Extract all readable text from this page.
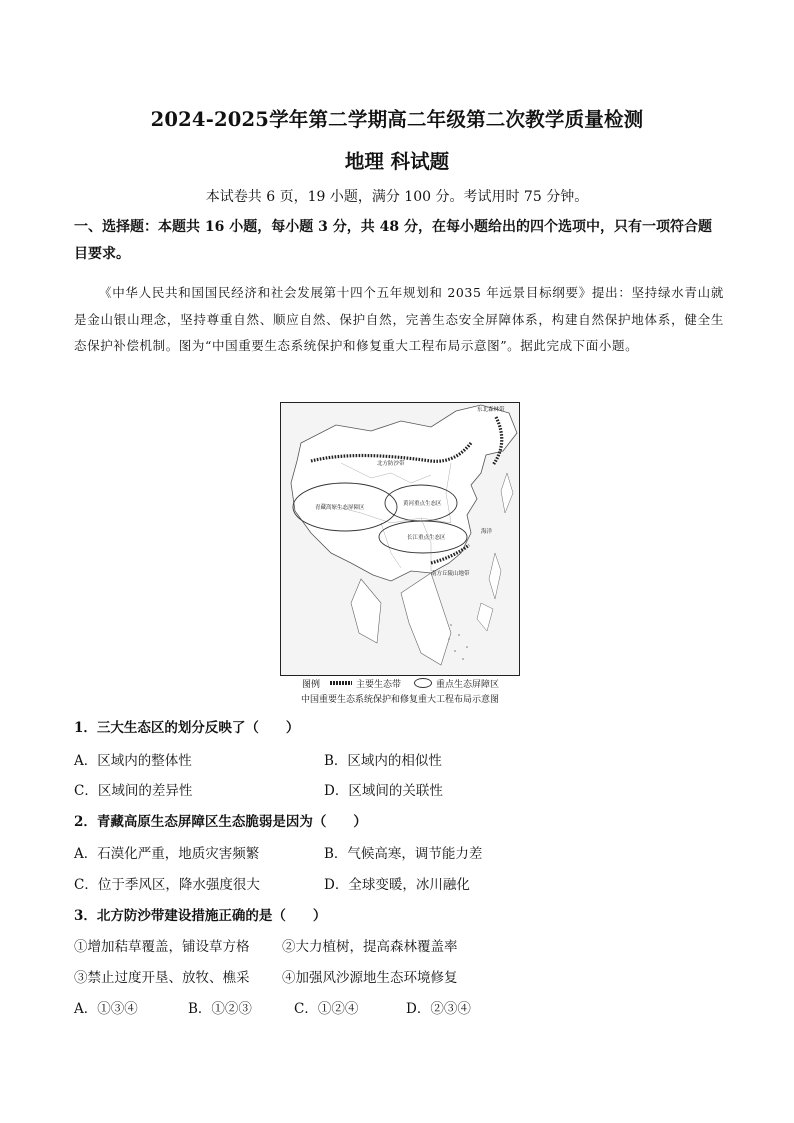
2024-2025学年第二学期高二年级第二次教学质量检测
地理 科试题
本试卷共 6 页，19 小题，满分 100 分。考试用时 75 分钟。
一、选择题：本题共 16 小题，每小题 3 分，共 48 分，在每小题给出的四个选项中，只有一项符合题目要求。
《中华人民共和国国民经济和社会发展第十四个五年规划和 2035 年远景目标纲要》提出：坚持绿水青山就是金山银山理念，坚持尊重自然、顺应自然、保护自然，完善生态安全屏障体系，构建自然保护地体系，健全生态保护补偿机制。图为“中国重要生态系统保护和修复重大工程布局示意图”。据此完成下面小题。
东北森林带
北方防沙带
青藏高原生态屏障区
黄河重点生态区
长江重点生态区
南方丘陵山地带
海洋
图例	主要生态带	重点生态屏障区
中国重要生态系统保护和修复重大工程布局示意图
1．三大生态区的划分反映了（　　）
A．区域内的整体性	B．区域内的相似性
C．区域间的差异性	D．区域间的关联性
2．青藏高原生态屏障区生态脆弱是因为（　　）
A．石漠化严重，地质灾害频繁	B．气候高寒，调节能力差
C．位于季风区，降水强度很大	D．全球变暖，冰川融化
3．北方防沙带建设措施正确的是（　　）
①增加秸草覆盖，铺设草方格 ②大力植树，提高森林覆盖率
③禁止过度开垦、放牧、樵采 ④加强风沙源地生态环境修复
A．①③④	B．①②③	C．①②④	D．②③④
